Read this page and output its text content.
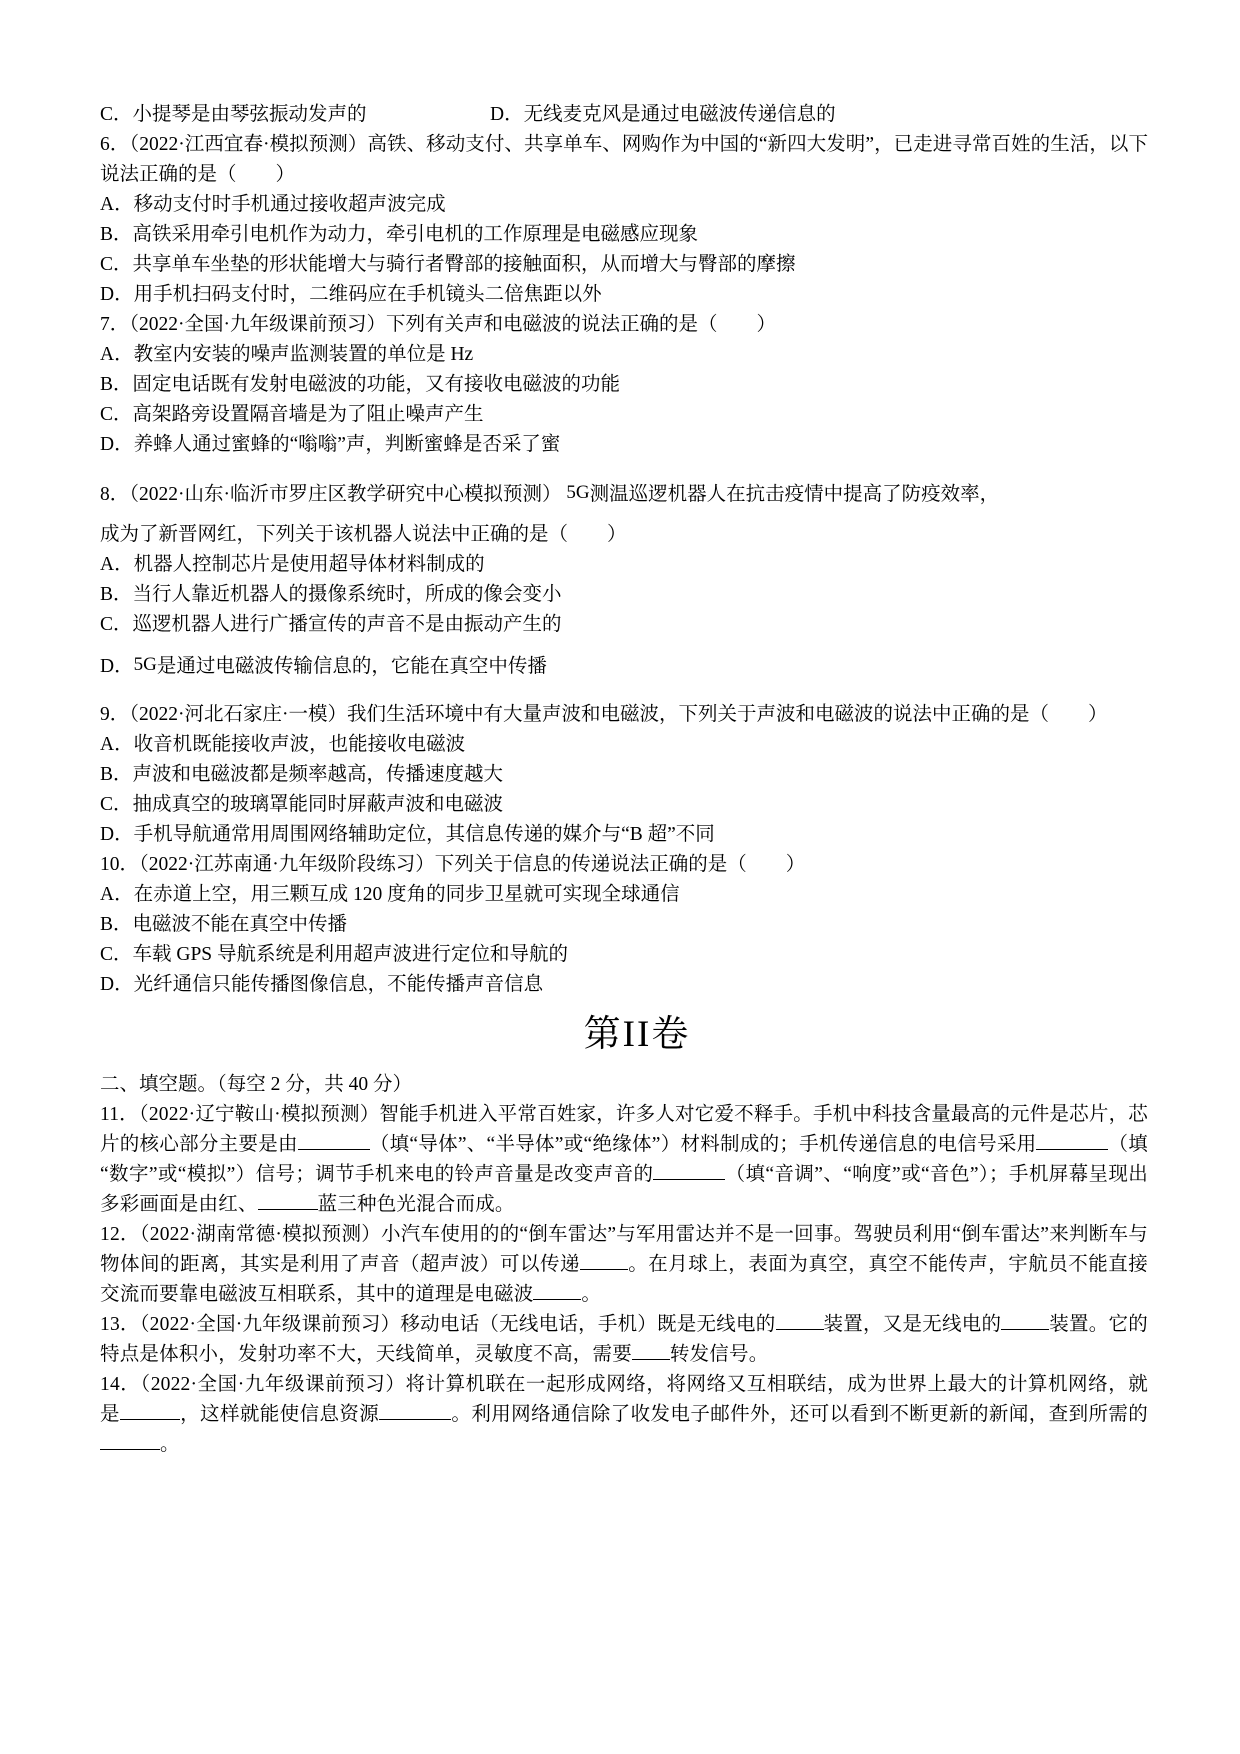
C．小提琴是由琴弦振动发声的	D．无线麦克风是通过电磁波传递信息的
6．（2022·江西宜春·模拟预测）高铁、移动支付、共享单车、网购作为中国的“新四大发明”，已走进寻常百姓的生活，以下说法正确的是（　　）
A．移动支付时手机通过接收超声波完成
B．高铁采用牵引电机作为动力，牵引电机的工作原理是电磁感应现象
C．共享单车坐垫的形状能增大与骑行者臀部的接触面积，从而增大与臀部的摩擦
D．用手机扫码支付时，二维码应在手机镜头二倍焦距以外
7．（2022·全国·九年级课前预习）下列有关声和电磁波的说法正确的是（　　）
A．教室内安装的噪声监测装置的单位是 Hz
B．固定电话既有发射电磁波的功能，又有接收电磁波的功能
C．高架路旁设置隔音墙是为了阻止噪声产生
D．养蜂人通过蜜蜂的“嗡嗡”声，判断蜜蜂是否采了蜜
8．（2022·山东·临沂市罗庄区教学研究中心模拟预测） 5G测温巡逻机器人在抗击疫情中提高了防疫效率，
成为了新晋网红，下列关于该机器人说法中正确的是（　　）
A．机器人控制芯片是使用超导体材料制成的
B．当行人靠近机器人的摄像系统时，所成的像会变小
C．巡逻机器人进行广播宣传的声音不是由振动产生的
D．5G是通过电磁波传输信息的，它能在真空中传播
9．（2022·河北石家庄·一模）我们生活环境中有大量声波和电磁波，下列关于声波和电磁波的说法中正确的是（　　）
A．收音机既能接收声波，也能接收电磁波
B．声波和电磁波都是频率越高，传播速度越大
C．抽成真空的玻璃罩能同时屏蔽声波和电磁波
D．手机导航通常用周围网络辅助定位，其信息传递的媒介与“B 超”不同
10．（2022·江苏南通·九年级阶段练习）下列关于信息的传递说法正确的是（　　）
A．在赤道上空，用三颗互成 120 度角的同步卫星就可实现全球通信
B．电磁波不能在真空中传播
C．车载 GPS 导航系统是利用超声波进行定位和导航的
D．光纤通信只能传播图像信息，不能传播声音信息
第II卷
二、填空题。（每空 2 分，共 40 分）
11．（2022·辽宁鞍山·模拟预测）智能手机进入平常百姓家，许多人对它爱不释手。手机中科技含量最高的元件是芯片，芯片的核心部分主要是由	（填“导体”、“半导体”或“绝缘体”）材料制成的；手机传递信息的电信号采用	（填“数字”或“模拟”）信号；调节手机来电的铃声音量是改变声音的	（填“音调”、“响度”或“音色”）；手机屏幕呈现出多彩画面是由红、	蓝三种色光混合而成。
12．（2022·湖南常德·模拟预测）小汽车使用的的“倒车雷达”与军用雷达并不是一回事。驾驶员利用“倒车雷达”来判断车与物体间的距离，其实是利用了声音（超声波）可以传递 。在月球上，表面为真空，真空不能传声，宇航员不能直接交流而要靠电磁波互相联系，其中的道理是电磁波 。
13．（2022·全国·九年级课前预习）移动电话（无线电话，手机）既是无线电的 装置，又是无线电的 装置。它的特点是体积小，发射功率不大，天线简单，灵敏度不高，需要 转发信号。
14．（2022·全国·九年级课前预习）将计算机联在一起形成网络，将网络又互相联结，成为世界上最大的计算机网络，就是	，这样就能使信息资源	。利用网络通信除了收发电子邮件外，还可以看到不断更新的新闻，查到所需的。
